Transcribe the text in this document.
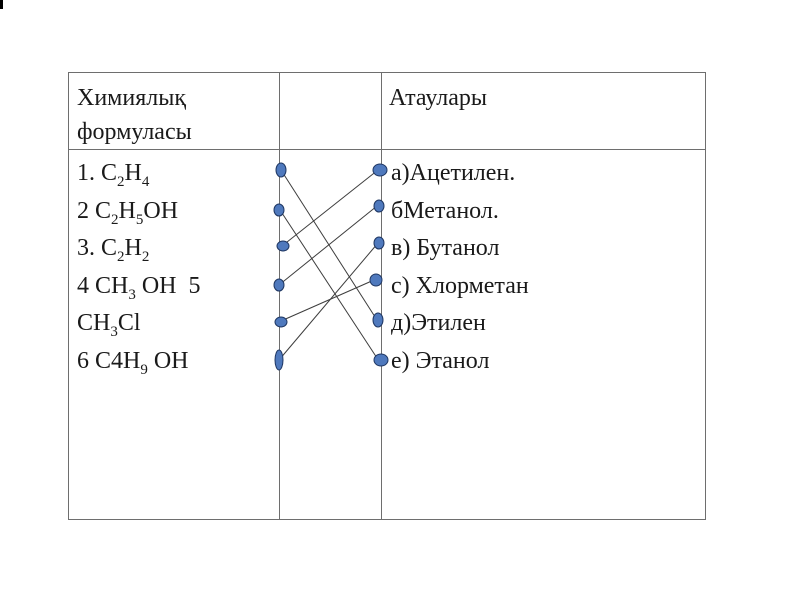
Химиялық формуласы
Атаулары
1. $C_2H_4$
2 $C_2H_5OH$
3. $C_2H_2$
4 $CH_3$ OH  5
$CH_3Cl$
6 $C4H_9$ OH
а)Ацетилен.
бМетанол.
в) Бутанол
с) Хлорметан
д)Этилен
е) Этанол
